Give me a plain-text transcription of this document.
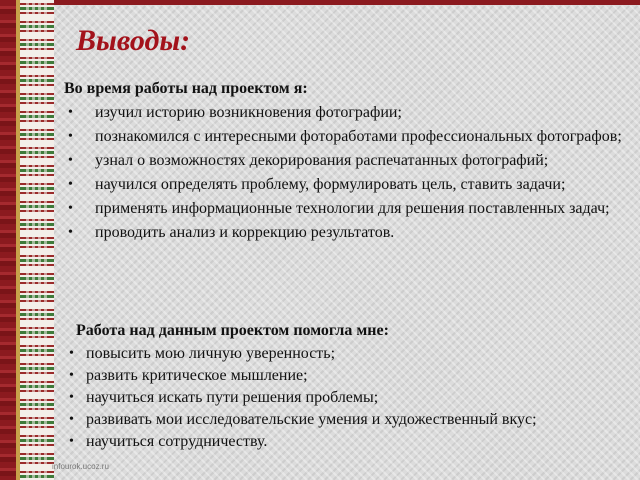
Выводы:

Во время работы над проектом я:

• изучил историю возникновения фотографии;
• познакомился с интересными фотоработами профессиональных фотографов;
• узнал о возможностях декорирования распечатанных фотографий;
• научился определять проблему, формулировать цель, ставить задачи;
• применять информационные технологии для решения поставленных задач;
• проводить анализ и коррекцию результатов.

Работа над данным проектом помогла мне:

• повысить мою личную уверенность;
• развить критическое мышление;
• научиться искать пути решения проблемы;
• развивать мои исследовательские умения и художественный вкус;
• научиться сотрудничеству.
infourok.ucoz.ru
